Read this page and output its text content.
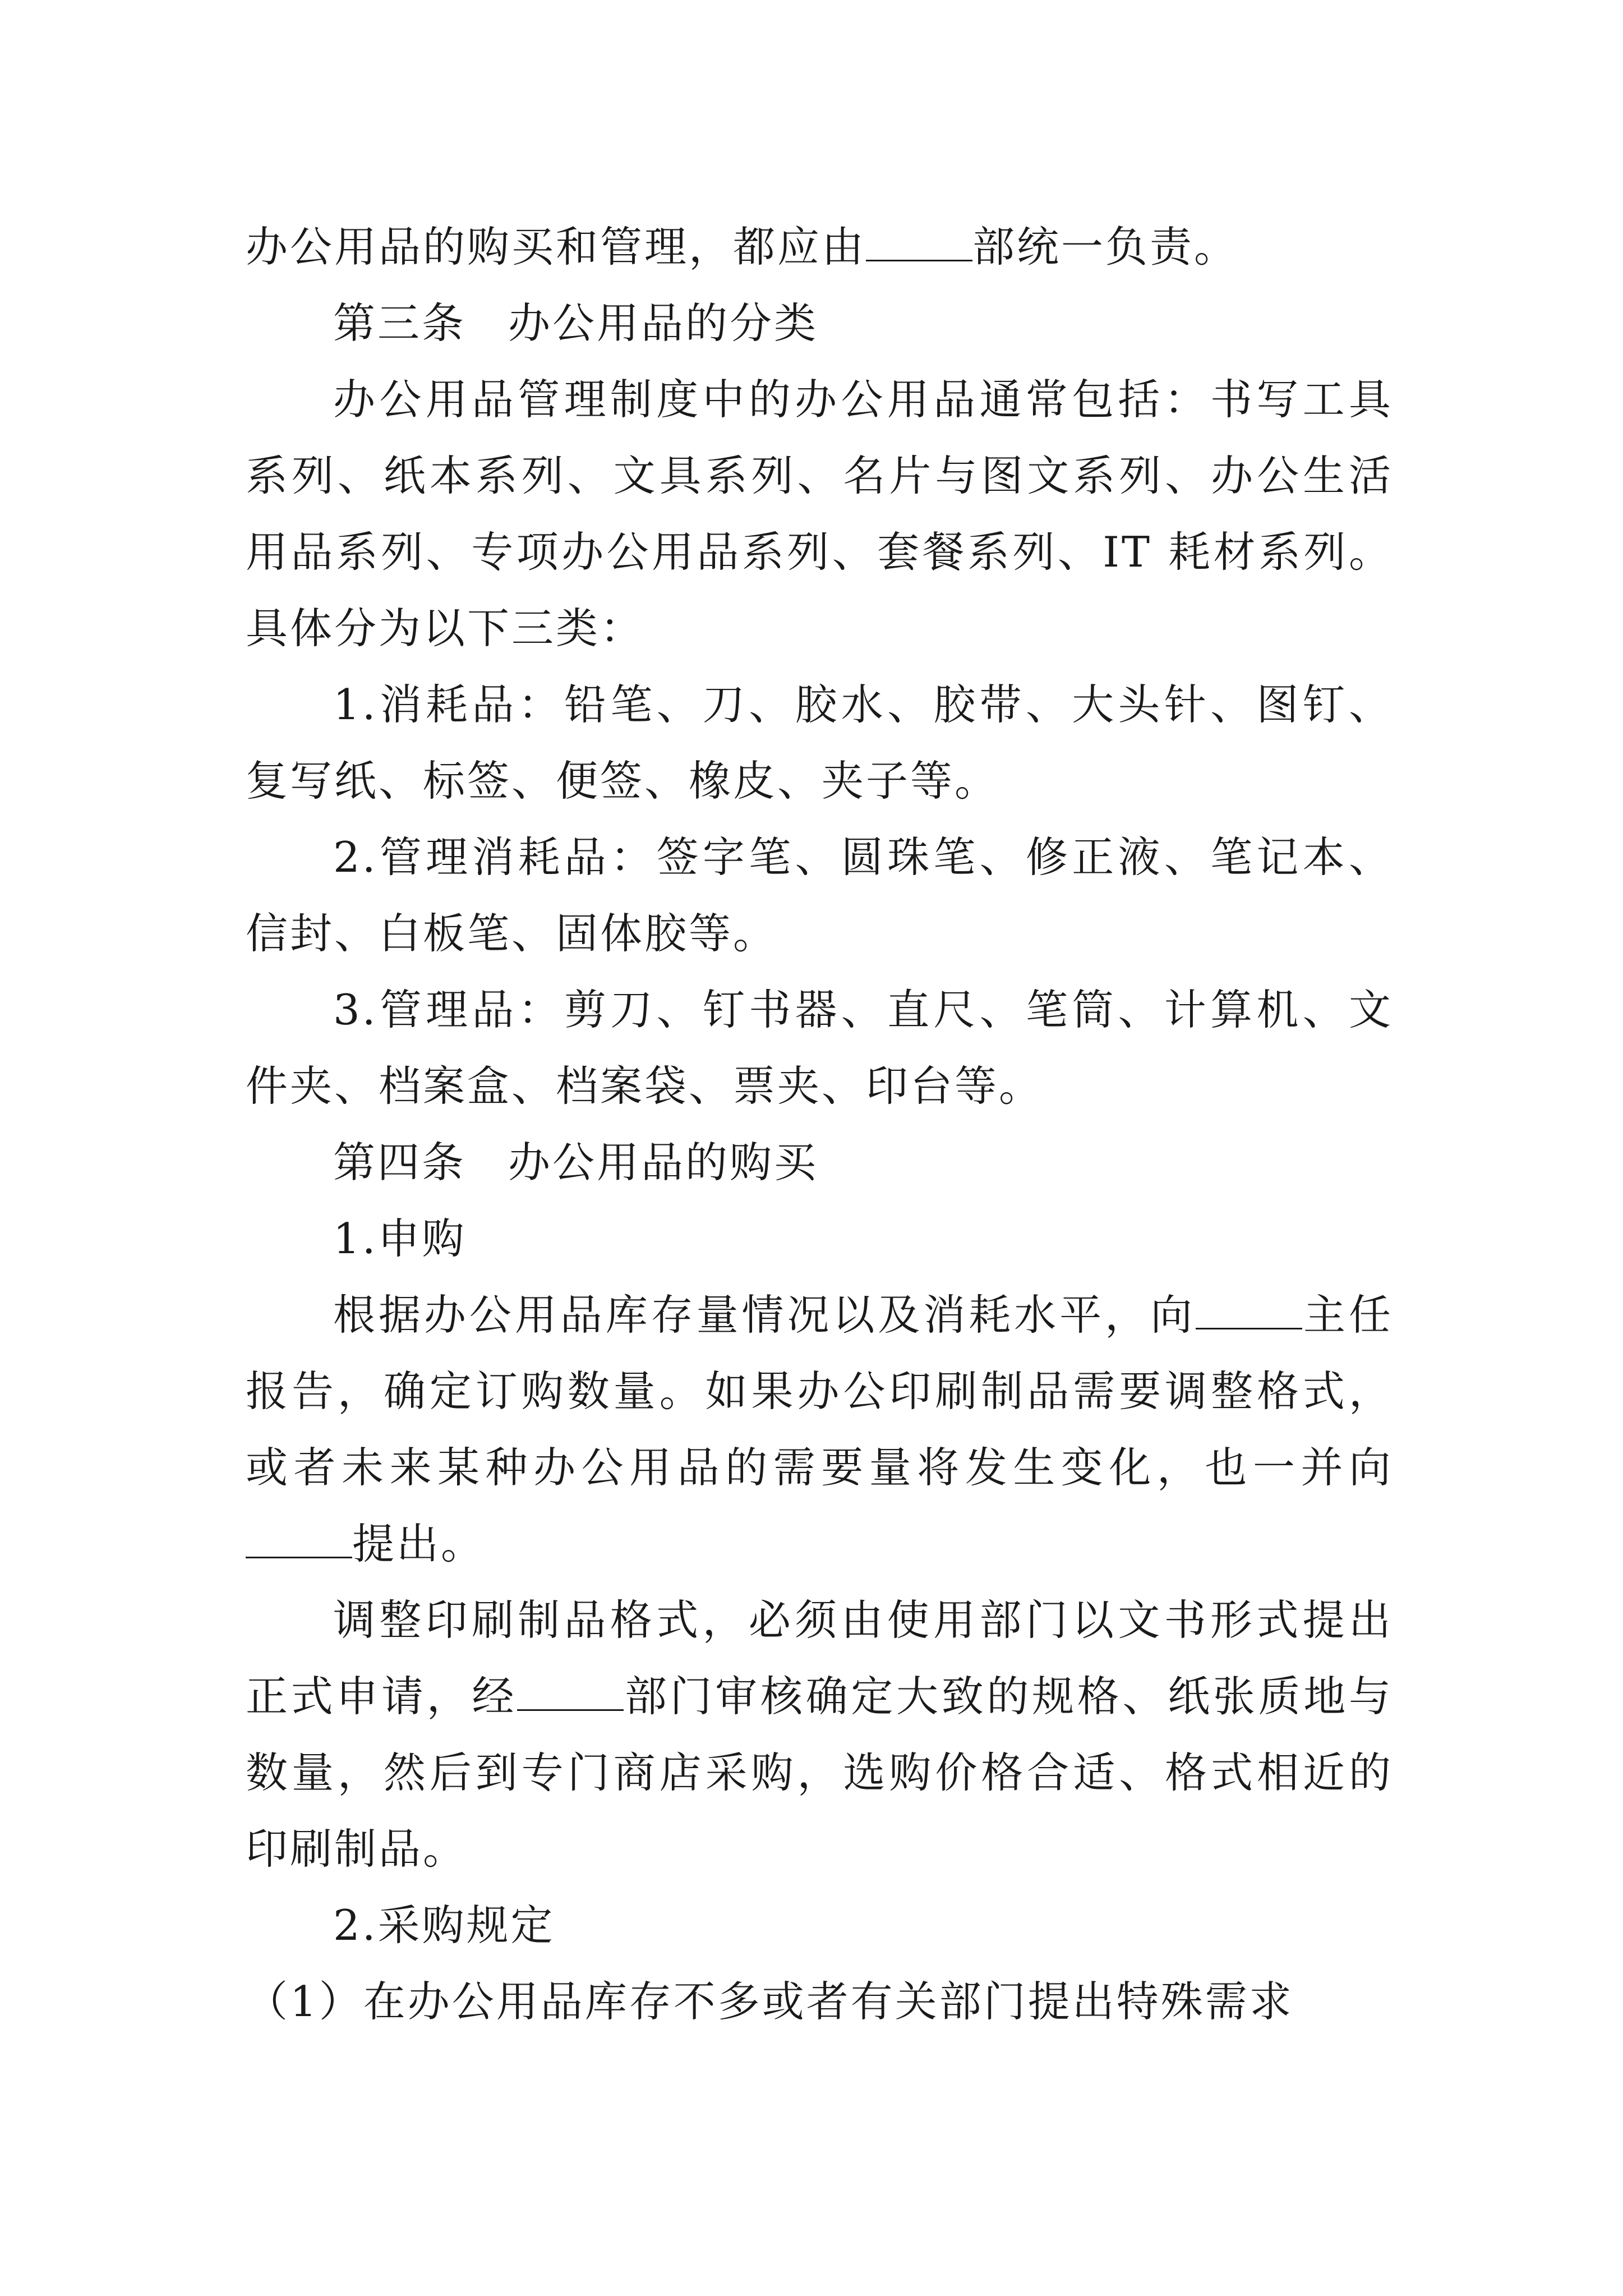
办公用品的购买和管理，都应由	部统一负责。

第三条 办公用品的分类

办公用品管理制度中的办公用品通常包括：书写工具系列、纸本系列、文具系列、名片与图文系列、办公生活用品系列、专项办公用品系列、套餐系列、IT 耗材系列。具体分为以下三类：

1.消耗品：铅笔、刀、胶水、胶带、大头针、图钉、复写纸、标签、便签、橡皮、夹子等。

2.管理消耗品：签字笔、圆珠笔、修正液、笔记本、信封、白板笔、固体胶等。

3.管理品：剪刀、钉书器、直尺、笔筒、计算机、文件夹、档案盒、档案袋、票夹、印台等。

第四条 办公用品的购买

1.申购

根据办公用品库存量情况以及消耗水平，向	主任报告，确定订购数量。如果办公印刷制品需要调整格式，或者未来某种办公用品的需要量将发生变化，也一并向提出。

调整印刷制品格式，必须由使用部门以文书形式提出正式申请，经	部门审核确定大致的规格、纸张质地与数量，然后到专门商店采购，选购价格合适、格式相近的印刷制品。

2.采购规定

（1）在办公用品库存不多或者有关部门提出特殊需求
